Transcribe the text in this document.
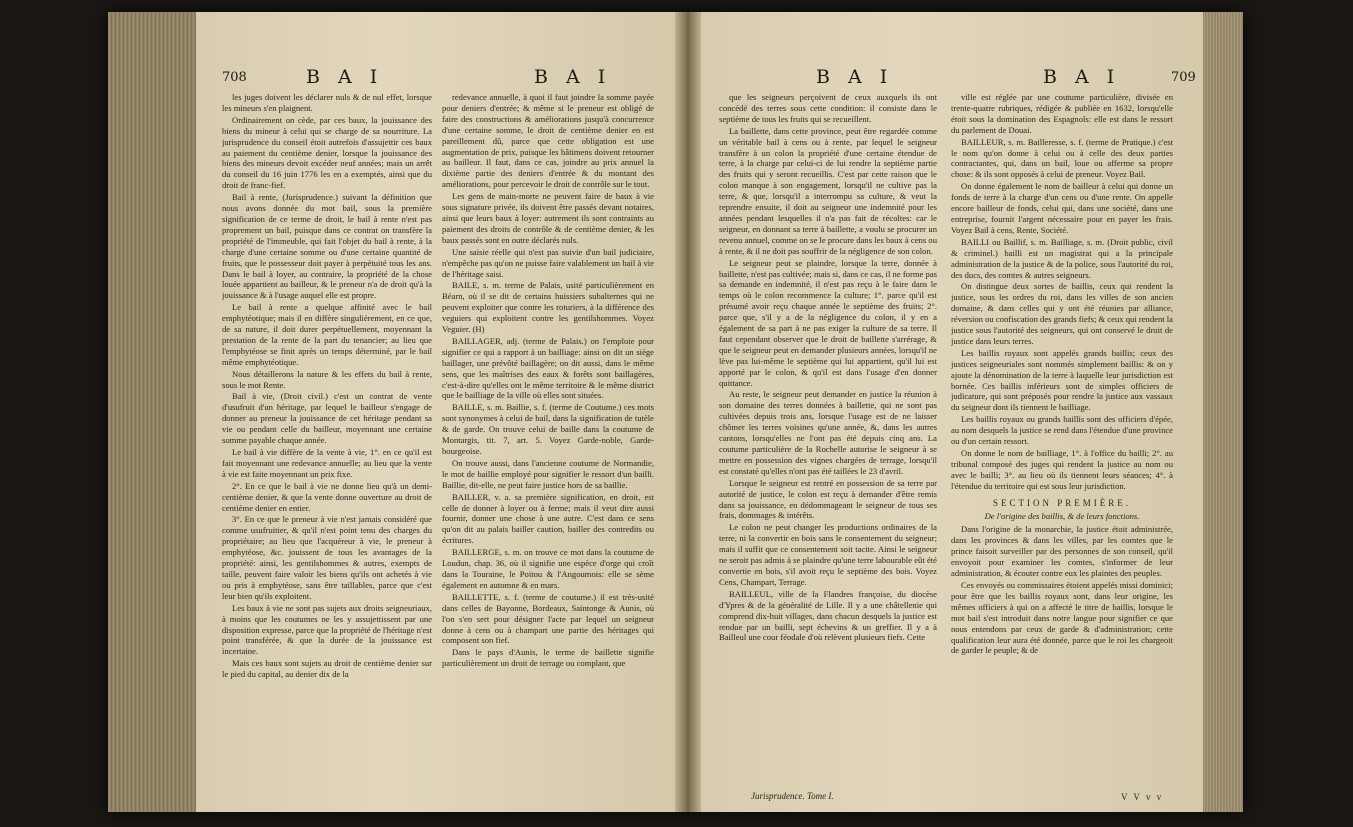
708	B A I	B A I

les juges doivent les déclarer nuls & de nul effet, lorsque les mineurs s'en plaignent.

Ordinairement on cède, par ces baux, la jouissance des biens du mineur à celui qui se charge de sa nourriture. La jurisprudence du conseil étoit autrefois d'assujettir ces baux au paiement du centième denier, lorsque la jouissance des biens des mineurs devoit excéder neuf années; mais un arrêt du conseil du 16 juin 1776 les en a exemptés, ainsi que du droit de franc-fief.

Bail à rente, (Jurisprudence.) suivant la définition que nous avons donnée du mot bail, sous la première signification de ce terme de droit, le bail à rente n'est pas proprement un bail, puisque dans ce contrat on transfère la propriété de l'immeuble, qui fait l'objet du bail à rente, à la charge d'une certaine somme ou d'une certaine quantité de fruits, que le possesseur doit payer à perpétuité tous les ans. Dans le bail à loyer, au contraire, la propriété de la chose louée appartient au bailleur, & le preneur n'a de droit qu'à la jouissance & à l'usage auquel elle est propre.

Le bail à rente a quelque affinité avec le bail emphytéotique; mais il en diffère singulièrement, en ce que, de sa nature, il doit durer perpétuellement, moyennant la prestation de la rente de la part du tenancier; au lieu que l'emphytéose se finit après un temps déterminé, par le bail même emphytéotique.

Nous détaillerons la nature & les effets du bail à rente, sous le mot Rente.

Bail à vie, (Droit civil.) c'est un contrat de vente d'usufruit d'un héritage, par lequel le bailleur s'engage de donner au preneur la jouissance de cet héritage pendant sa vie ou pendant celle du bailleur, moyennant une certaine somme payable chaque année.

Le bail à vie diffère de la vente à vie, 1°. en ce qu'il est fait moyennant une redevance annuelle; au lieu que la vente à vie est faite moyennant un prix fixe.

2°. En ce que le bail à vie ne donne lieu qu'à un demi-centième denier, & que la vente donne ouverture au droit de centième denier en entier.

3°. En ce que le preneur à vie n'est jamais considéré que comme usufruitier, & qu'il n'est point tenu des charges du propriétaire; au lieu que l'acquéreur à vie, le preneur à emphytéose, &c. jouissent de tous les avantages de la propriété: ainsi, les gentilshommes & autres, exempts de taille, peuvent faire valoir les biens qu'ils ont achetés à vie ou pris à emphytéose, sans être taillables, parce que c'est leur bien qu'ils exploitent.

Les baux à vie ne sont pas sujets aux droits seigneuriaux, à moins que les coutumes ne les y assujettissent par une disposition expresse, parce que la propriété de l'héritage n'est point transférée, & que la durée de la jouissance est incertaine.

Mais ces baux sont sujets au droit de centième denier sur le pied du capital, au denier dix de la

redevance annuelle, à quoi il faut joindre la somme payée pour deniers d'entrée; & même si le preneur est obligé de faire des constructions & améliorations jusqu'à concurrence d'une certaine somme, le droit de centième denier en est pareillement dû, parce que cette obligation est une augmentation de prix, puisque les bâtimens doivent retourner au bailleur. Il faut, dans ce cas, joindre au prix annuel la dixième partie des deniers d'entrée & du montant des améliorations, pour percevoir le droit de contrôle sur le tout.

Les gens de main-morte ne peuvent faire de baux à vie sous signature privée, ils doivent être passés devant notaires, ainsi que leurs baux à loyer: autrement ils sont contraints au paiement des droits de contrôle & de centième denier, & les baux passés sont en outre déclarés nuls.

Une saisie réelle qui n'est pas suivie d'un bail judiciaire, n'empêche pas qu'on ne puisse faire valablement un bail à vie de l'héritage saisi.

BAILE, s. m. terme de Palais, usité particulièrement en Béarn, où il se dit de certains huissiers subalternes qui ne peuvent exploiter que contre les roturiers, à la différence des veguiers qui exploitent contre les gentilshommes. Voyez Veguier. (H)

BAILLAGER, adj. (terme de Palais.) on l'emploie pour signifier ce qui a rapport à un bailliage: ainsi on dit un siège baillager, une prévôté baillagère; on dit aussi, dans le même sens, que les maîtrises des eaux & forêts sont baillagères, c'est-à-dire qu'elles ont le même territoire & le même district que le bailliage de la ville où elles sont situées.

BAILLE, s. m. Baillie, s. f. (terme de Coutume.) ces mots sont synonymes à celui de bail, dans la signification de tutèle & de garde. On trouve celui de baille dans la coutume de Montargis, tit. 7, art. 5. Voyez Garde-noble, Garde-bourgeoise.

On trouve aussi, dans l'ancienne coutume de Normandie, le mot de baillie employé pour signifier le ressort d'un bailli. Baillie, dit-elle, ne peut faire justice hors de sa baillie.

BAILLER, v. a. sa première signification, en droit, est celle de donner à loyer ou à ferme; mais il veut dire aussi fournir, donner une chose à une autre. C'est dans ce sens qu'on dit au palais bailler caution, bailler des contredits ou écritures.

BAILLERGE, s. m. on trouve ce mot dans la coutume de Loudun, chap. 36, où il signifie une espèce d'orge qui croît dans la Touraine, le Poitou & l'Angoumois: elle se sème également en automne & en mars.

BAILLETTE, s. f. (terme de coutume.) il est très-usité dans celles de Bayonne, Bordeaux, Saintonge & Aunis, où l'on s'en sert pour désigner l'acte par lequel un seigneur donne à cens ou à champart une partie des héritages qui composent son fief.

Dans le pays d'Aunis, le terme de baillette signifie particulièrement un droit de terrage ou complant, que

B A I	B A I	709

que les seigneurs perçoivent de ceux auxquels ils ont concédé des terres sous cette condition: il consiste dans le septième de tous les fruits qui se recueillent.

La baillette, dans cette province, peut être regardée comme un véritable bail à cens ou à rente, par lequel le seigneur transfère à un colon la propriété d'une certaine étendue de terre, à la charge par celui-ci de lui rendre la septième partie des fruits qui y seront recueillis. C'est par cette raison que le colon manque à son engagement, lorsqu'il ne cultive pas la terre, & que, lorsqu'il a interrompu sa culture, & veut la reprendre ensuite, il doit au seigneur une indemnité pour les années pendant lesquelles il n'a pas fait de récoltes: car le seigneur, en donnant sa terre à baillette, a voulu se procurer un revenu annuel, comme on se le procure dans les baux à cens ou à rente, & il ne doit pas souffrir de la négligence de son colon.

Le seigneur peut se plaindre, lorsque la terre, donnée à baillette, n'est pas cultivée; mais si, dans ce cas, il ne forme pas sa demande en indemnité, il n'est pas reçu à le faire dans le temps où le colon recommence la culture; 1°. parce qu'il est présumé avoir reçu chaque année le septième des fruits; 2°. parce que, s'il y a de la négligence du colon, il y en a également de sa part à ne pas exiger la culture de sa terre. Il faut cependant observer que le droit de baillette s'arrérage, & que le seigneur peut en demander plusieurs années, lorsqu'il ne lève pas lui-même le septième qui lui appartient, qu'il lui est apporté par le colon, & qu'il est dans l'usage d'en donner quittance.

Au reste, le seigneur peut demander en justice la réunion à son domaine des terres données à baillette, qui ne sont pas cultivées depuis trois ans, lorsque l'usage est de ne laisser chômer les terres voisines qu'une année, &, dans les autres cantons, lorsqu'elles ne l'ont pas été depuis cinq ans. La coutume particulière de la Rochelle autorise le seigneur à se mettre en possession des vignes chargées de terrage, lorsqu'il est constaté qu'elles n'ont pas été taillées le 23 d'avril.

Lorsque le seigneur est rentré en possession de sa terre par autorité de justice, le colon est reçu à demander d'être remis dans sa jouissance, en dédommageant le seigneur de tous ses frais, dommages & intérêts.

Le colon ne peut changer les productions ordinaires de la terre, ni la convertir en bois sans le consentement du seigneur; mais il suffit que ce consentement soit tacite. Ainsi le seigneur ne seroit pas admis à se plaindre qu'une terre labourable eût été convertie en bois, s'il avoit reçu le septième des bois. Voyez Cens, Champart, Terrage.

BAILLEUL, ville de la Flandres françoise, du diocèse d'Ypres & de la généralité de Lille. Il y a une châtellenie qui comprend dix-huit villages, dans chacun desquels la justice est rendue par un bailli, sept échevins & un greffier. Il y a à Bailleul une cour féodale d'où relèvent plusieurs fiefs. Cette

Jurisprudence. Tome I.

ville est réglée par une coutume particulière, divisée en trente-quatre rubriques, rédigée & publiée en 1632, lorsqu'elle étoit sous la domination des Espagnols: elle est dans le ressort du parlement de Douai.

BAILLEUR, s. m. Bailleresse, s. f. (terme de Pratique.) c'est le nom qu'on donne à celui ou à celle des deux parties contractantes, qui, dans un bail, loue ou afferme sa propre chose: & ils sont opposés à celui de preneur. Voyez Bail.

On donne également le nom de bailleur à celui qui donne un fonds de terre à la charge d'un cens ou d'une rente. On appelle encore bailleur de fonds, celui qui, dans une société, dans une entreprise, fournit l'argent nécessaire pour en payer les frais. Voyez Bail à cens, Rente, Société.

BAILLI ou Baillif, s. m. Bailliage, s. m. (Droit public, civil & criminel.) bailli est un magistrat qui a la principale administration de la justice & de la police, sous l'autorité du roi, des ducs, des comtes & autres seigneurs.

On distingue deux sortes de baillis, ceux qui rendent la justice, sous les ordres du roi, dans les villes de son ancien domaine, & dans celles qui y ont été réunies par alliance, réversion ou confiscation des grands fiefs; & ceux qui rendent la justice sous l'autorité des seigneurs, qui ont conservé le droit de justice dans leurs terres.

Les baillis royaux sont appelés grands baillis; ceux des justices seigneuriales sont nommés simplement baillis: & on y ajoute la dénomination de la terre à laquelle leur jurisdiction est bornée. Ces baillis inférieurs sont de simples officiers de judicature, qui sont préposés pour rendre la justice aux vassaux du seigneur dont ils tiennent le bailliage.

Les baillis royaux ou grands baillis sont des officiers d'épée, au nom desquels la justice se rend dans l'étendue d'une province ou d'un certain ressort.

On donne le nom de bailliage, 1°. à l'office du bailli; 2°. au tribunal composé des juges qui rendent la justice au nom ou avec le bailli; 3°. au lieu où ils tiennent leurs séances; 4°. à l'étendue du territoire qui est sous leur jurisdiction.

SECTION PREMIÈRE.

De l'origine des baillis, & de leurs fonctions.

Dans l'origine de la monarchie, la justice étoit administrée, dans les provinces & dans les villes, par les comtes que le prince faisoit surveiller par des personnes de son conseil, qu'il envoyoit pour examiner les comtes, s'informer de leur administration, & écouter contre eux les plaintes des peuples.

Ces envoyés ou commissaires étoient appelés missi dominici; pour être que les baillis royaux sont, dans leur origine, les mêmes officiers à qui on a affecté le titre de baillis, lorsque le mot bail s'est introduit dans notre langue pour signifier ce que nous entendons par ceux de garde & d'administration; cette qualification leur aura été donnée, parce que le roi les chargeoit de garder le peuple; & de

V V v v
